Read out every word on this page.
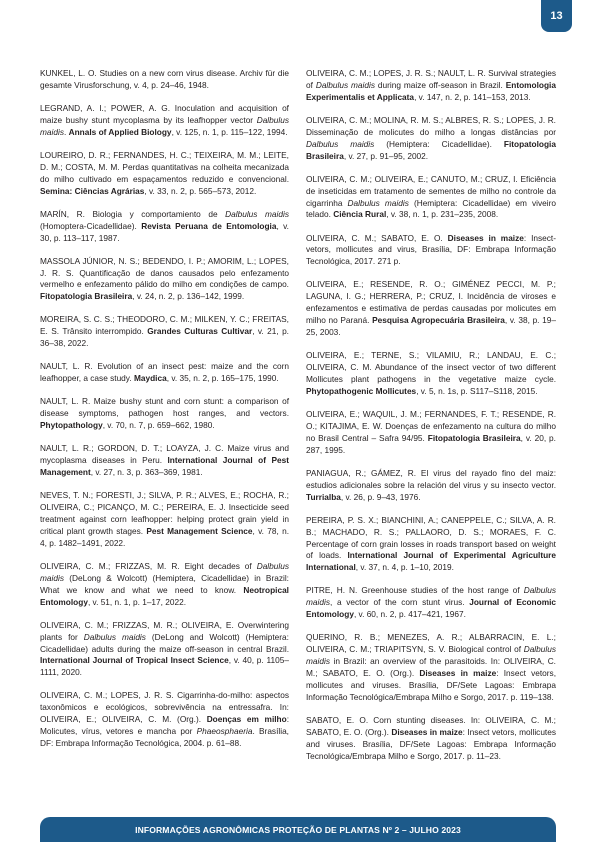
13

KUNKEL, L. O. Studies on a new corn virus disease. Archiv für die gesamte Virusforschung, v. 4, p. 24–46, 1948.

LEGRAND, A. I.; POWER, A. G. Inoculation and acquisition of maize bushy stunt mycoplasma by its leafhopper vector Dalbulus maidis. Annals of Applied Biology, v. 125, n. 1, p. 115–122, 1994.

LOUREIRO, D. R.; FERNANDES, H. C.; TEIXEIRA, M. M.; LEITE, D. M.; COSTA, M. M. Perdas quantitativas na colheita mecanizada do milho cultivado em espaçamentos reduzido e convencional. Semina: Ciências Agrárias, v. 33, n. 2, p. 565–573, 2012.

MARÍN, R. Biologia y comportamiento de Dalbulus maidis (Homoptera-Cicadellidae). Revista Peruana de Entomologia, v. 30, p. 113–117, 1987.

MASSOLA JÚNIOR, N. S.; BEDENDO, I. P.; AMORIM, L.; LOPES, J. R. S. Quantificação de danos causados pelo enfezamento vermelho e enfezamento pálido do milho em condições de campo. Fitopatologia Brasileira, v. 24, n. 2, p. 136–142, 1999.

MOREIRA, S. C. S.; THEODORO, C. M.; MILKEN, Y. C.; FREITAS, E. S. Trânsito interrompido. Grandes Culturas Cultivar, v. 21, p. 36–38, 2022.

NAULT, L. R. Evolution of an insect pest: maize and the corn leafhopper, a case study. Maydica, v. 35, n. 2, p. 165–175, 1990.

NAULT, L. R. Maize bushy stunt and corn stunt: a comparison of disease symptoms, pathogen host ranges, and vectors. Phytopathology, v. 70, n. 7, p. 659–662, 1980.

NAULT, L. R.; GORDON, D. T.; LOAYZA, J. C. Maize virus and mycoplasma diseases in Peru. International Journal of Pest Management, v. 27, n. 3, p. 363–369, 1981.

NEVES, T. N.; FORESTI, J.; SILVA, P. R.; ALVES, E.; ROCHA, R.; OLIVEIRA, C.; PICANÇO, M. C.; PEREIRA, E. J. Insecticide seed treatment against corn leafhopper: helping protect grain yield in critical plant growth stages. Pest Management Science, v. 78, n. 4, p. 1482–1491, 2022.

OLIVEIRA, C. M.; FRIZZAS, M. R. Eight decades of Dalbulus maidis (DeLong & Wolcott) (Hemiptera, Cicadellidae) in Brazil: What we know and what we need to know. Neotropical Entomology, v. 51, n. 1, p. 1–17, 2022.

OLIVEIRA, C. M.; FRIZZAS, M. R.; OLIVEIRA, E. Overwintering plants for Dalbulus maidis (DeLong and Wolcott) (Hemiptera: Cicadellidae) adults during the maize off-season in central Brazil. International Journal of Tropical Insect Science, v. 40, p. 1105–1111, 2020.

OLIVEIRA, C. M.; LOPES, J. R. S. Cigarrinha-do-milho: aspectos taxonômicos e ecológicos, sobrevivência na entressafra. In: OLIVEIRA, E.; OLIVEIRA, C. M. (Org.). Doenças em milho: Molicutes, vírus, vetores e mancha por Phaeosphaeria. Brasília, DF: Embrapa Informação Tecnológica, 2004. p. 61–88.

OLIVEIRA, C. M.; LOPES, J. R. S.; NAULT, L. R. Survival strategies of Dalbulus maidis during maize off-season in Brazil. Entomologia Experimentalis et Applicata, v. 147, n. 2, p. 141–153, 2013.

OLIVEIRA, C. M.; MOLINA, R. M. S.; ALBRES, R. S.; LOPES, J. R. Disseminação de molicutes do milho a longas distâncias por Dalbulus maidis (Hemiptera: Cicadellidae). Fitopatologia Brasileira, v. 27, p. 91–95, 2002.

OLIVEIRA, C. M.; OLIVEIRA, E.; CANUTO, M.; CRUZ, I. Eficiência de inseticidas em tratamento de sementes de milho no controle da cigarrinha Dalbulus maidis (Hemiptera: Cicadellidae) em viveiro telado. Ciência Rural, v. 38, n. 1, p. 231–235, 2008.

OLIVEIRA, C. M.; SABATO, E. O. Diseases in maize: Insect-vetors, mollicutes and virus, Brasília, DF: Embrapa Informação Tecnológica, 2017. 271 p.

OLIVEIRA, E.; RESENDE, R. O.; GIMÉNEZ PECCI, M. P.; LAGUNA, I. G.; HERRERA, P.; CRUZ, I. Incidência de viroses e enfezamentos e estimativa de perdas causadas por molicutes em milho no Paraná. Pesquisa Agropecuária Brasileira, v. 38, p. 19–25, 2003.

OLIVEIRA, E.; TERNE, S.; VILAMIU, R.; LANDAU, E. C.; OLIVEIRA, C. M. Abundance of the insect vector of two different Mollicutes plant pathogens in the vegetative maize cycle. Phytopathogenic Mollicutes, v. 5, n. 1s, p. S117–S118, 2015.

OLIVEIRA, E.; WAQUIL, J. M.; FERNANDES, F. T.; RESENDE, R. O.; KITAJIMA, E. W. Doenças de enfezamento na cultura do milho no Brasil Central – Safra 94/95. Fitopatologia Brasileira, v. 20, p. 287, 1995.

PANIAGUA, R.; GÁMEZ, R. El virus del rayado fino del maiz: estudios adicionales sobre la relación del virus y su insecto vector. Turrialba, v. 26, p. 9–43, 1976.

PEREIRA, P. S. X.; BIANCHINI, A.; CANEPPELE, C.; SILVA, A. R. B.; MACHADO, R. S.; PALLAORO, D. S.; MORAES, F. C. Percentage of corn grain losses in roads transport based on weight of loads. International Journal of Experimental Agriculture International, v. 37, n. 4, p. 1–10, 2019.

PITRE, H. N. Greenhouse studies of the host range of Dalbulus maidis, a vector of the corn stunt virus. Journal of Economic Entomology, v. 60, n. 2, p. 417–421, 1967.

QUERINO, R. B.; MENEZES, A. R.; ALBARRACIN, E. L.; OLIVEIRA, C. M.; TRIAPITSYN, S. V. Biological control of Dalbulus maidis in Brazil: an overview of the parasitoids. In: OLIVEIRA, C. M.; SABATO, E. O. (Org.). Diseases in maize: Insect vetors, mollicutes and viruses. Brasília, DF/Sete Lagoas: Embrapa Informação Tecnológica/Embrapa Milho e Sorgo, 2017. p. 119–138.

SABATO, E. O. Corn stunting diseases. In: OLIVEIRA, C. M.; SABATO, E. O. (Org.). Diseases in maize: Insect vetors, mollicutes and viruses. Brasília, DF/Sete Lagoas: Embrapa Informação Tecnológica/Embrapa Milho e Sorgo, 2017. p. 11–23.

INFORMAÇÕES AGRONÔMICAS PROTEÇÃO DE PLANTAS Nº 2 – JULHO 2023
